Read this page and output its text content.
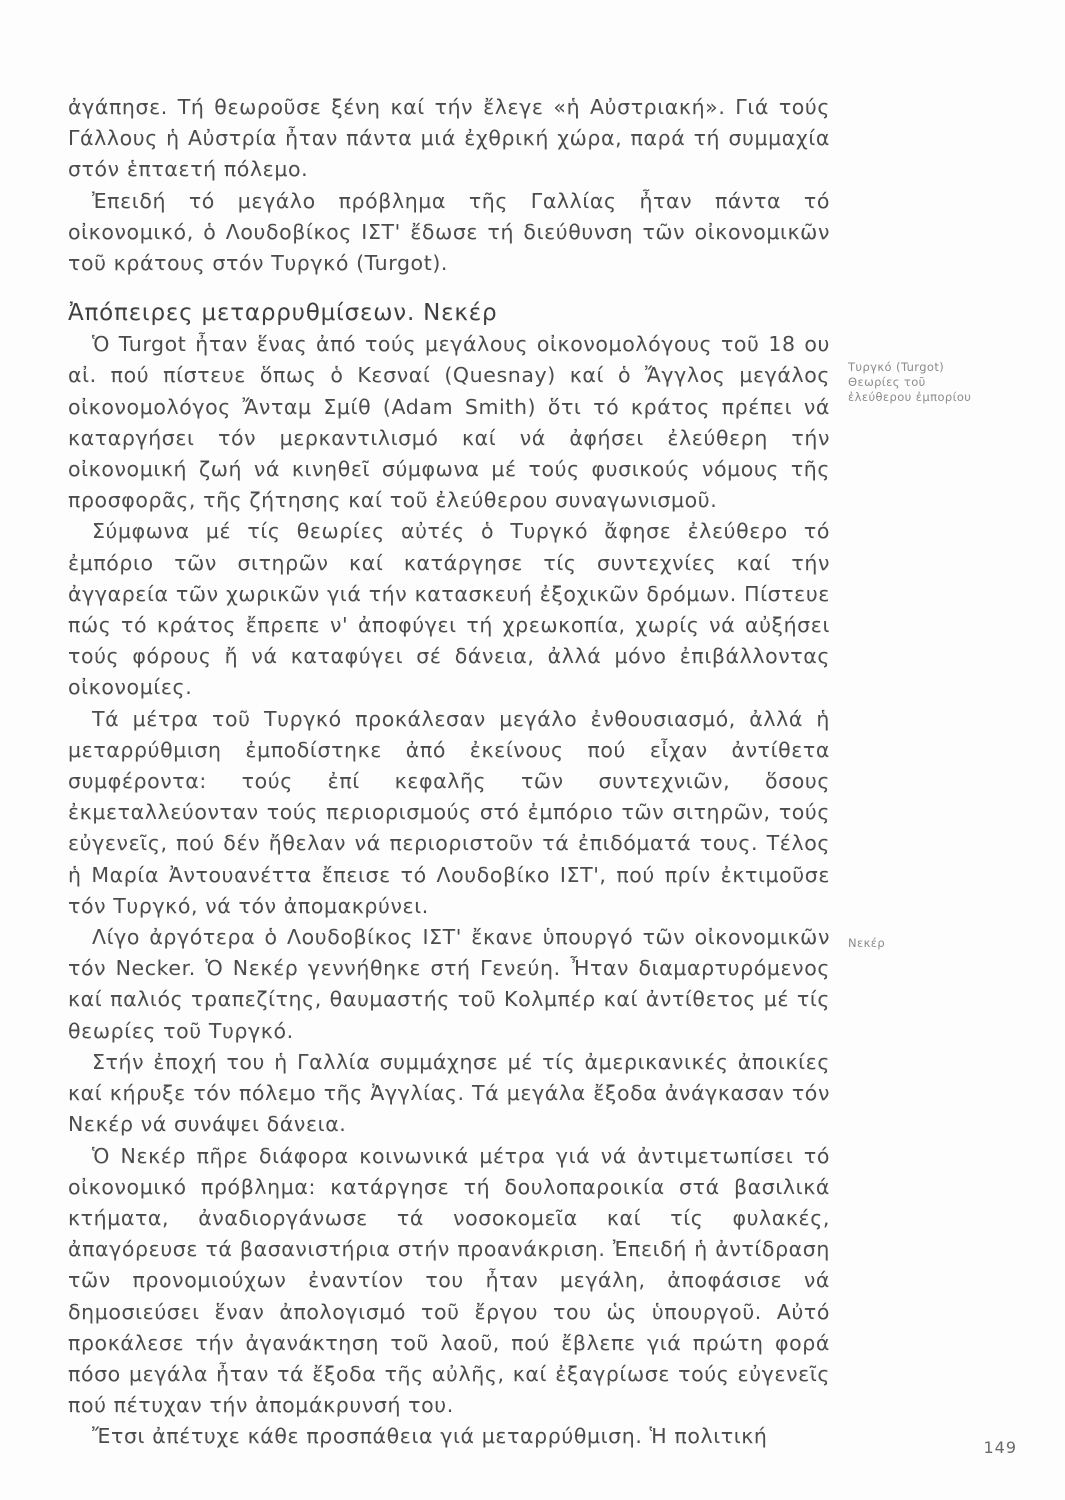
ἀγάπησε. Τή θεωροῦσε ξένη καί τήν ἔλεγε «ἡ Αὐστριακή». Γιά τούς Γάλλους ἡ Αὐστρία ἦταν πάντα μιά ἐχθρική χώρα, παρά τή συμμαχία στόν ἑπταετή πόλεμο.

Ἐπειδή τό μεγάλο πρόβλημα τῆς Γαλλίας ἦταν πάντα τό οἰκονομικό, ὁ Λουδοβίκος ΙΣΤ' ἔδωσε τή διεύθυνση τῶν οἰκονομικῶν τοῦ κράτους στόν Τυργκό (Turgot).

Ἀπόπειρες μεταρρυθμίσεων. Νεκέρ

Ὁ Turgot ἦταν ἕνας ἀπό τούς μεγάλους οἰκονομολόγους τοῦ 18 ου αἰ. πού πίστευε ὅπως ὁ Κεσναί (Quesnay) καί ὁ Ἄγγλος μεγάλος οἰκονομολόγος Ἄνταμ Σμίθ (Adam Smith) ὅτι τό κράτος πρέπει νά καταργήσει τόν μερκαντιλισμό καί νά ἀφήσει ἐλεύθερη τήν οἰκονομική ζωή νά κινηθεῖ σύμφωνα μέ τούς φυσικούς νόμους τῆς προσφορᾶς, τῆς ζήτησης καί τοῦ ἐλεύθερου συναγωνισμοῦ.

Σύμφωνα μέ τίς θεωρίες αὐτές ὁ Τυργκό ἄφησε ἐλεύθερο τό ἐμπόριο τῶν σιτηρῶν καί κατάργησε τίς συντεχνίες καί τήν ἀγγαρεία τῶν χωρικῶν γιά τήν κατασκευή ἐξοχικῶν δρόμων. Πίστευε πώς τό κράτος ἔπρεπε ν' ἀποφύγει τή χρεωκοπία, χωρίς νά αὐξήσει τούς φόρους ἤ νά καταφύγει σέ δάνεια, ἀλλά μόνο ἐπιβάλλοντας οἰκονομίες.

Τά μέτρα τοῦ Τυργκό προκάλεσαν μεγάλο ἐνθουσιασμό, ἀλλά ἡ μεταρρύθμιση ἐμποδίστηκε ἀπό ἐκείνους πού εἶχαν ἀντίθετα συμφέροντα: τούς ἐπί κεφαλῆς τῶν συντεχνιῶν, ὅσους ἐκμεταλλεύονταν τούς περιορισμούς στό ἐμπόριο τῶν σιτηρῶν, τούς εὐγενεῖς, πού δέν ἤθελαν νά περιοριστοῦν τά ἐπιδόματά τους. Τέλος ἡ Μαρία Ἀντουανέττα ἔπεισε τό Λουδοβίκο ΙΣΤ', πού πρίν ἐκτιμοῦσε τόν Τυργκό, νά τόν ἀπομακρύνει.

Λίγο ἀργότερα ὁ Λουδοβίκος ΙΣΤ' ἔκανε ὑπουργό τῶν οἰκονομικῶν τόν Necker. Ὁ Νεκέρ γεννήθηκε στή Γενεύη. Ἦταν διαμαρτυρόμενος καί παλιός τραπεζίτης, θαυμαστής τοῦ Κολμπέρ καί ἀντίθετος μέ τίς θεωρίες τοῦ Τυργκό.

Στήν ἐποχή του ἡ Γαλλία συμμάχησε μέ τίς ἀμερικανικές ἀποικίες καί κήρυξε τόν πόλεμο τῆς Ἀγγλίας. Τά μεγάλα ἔξοδα ἀνάγκασαν τόν Νεκέρ νά συνάψει δάνεια.

Ὁ Νεκέρ πῆρε διάφορα κοινωνικά μέτρα γιά νά ἀντιμετωπίσει τό οἰκονομικό πρόβλημα: κατάργησε τή δουλοπαροικία στά βασιλικά κτήματα, ἀναδιοργάνωσε τά νοσοκομεῖα καί τίς φυλακές, ἀπαγόρευσε τά βασανιστήρια στήν προανάκριση. Ἐπειδή ἡ ἀντίδραση τῶν προνομιούχων ἐναντίον του ἦταν μεγάλη, ἀποφάσισε νά δημοσιεύσει ἕναν ἀπολογισμό τοῦ ἔργου του ὡς ὑπουργοῦ. Αὐτό προκάλεσε τήν ἀγανάκτηση τοῦ λαοῦ, πού ἔβλεπε γιά πρώτη φορά πόσο μεγάλα ἦταν τά ἔξοδα τῆς αὐλῆς, καί ἐξαγρίωσε τούς εὐγενεῖς πού πέτυχαν τήν ἀπομάκρυνσή του.

Ἔτσι ἀπέτυχε κάθε προσπάθεια γιά μεταρρύθμιση. Ἡ πολιτική

Τυργκό (Turgot)
Θεωρίες τοῦ
ἐλεύθερου ἐμπορίου
Νεκέρ
149
